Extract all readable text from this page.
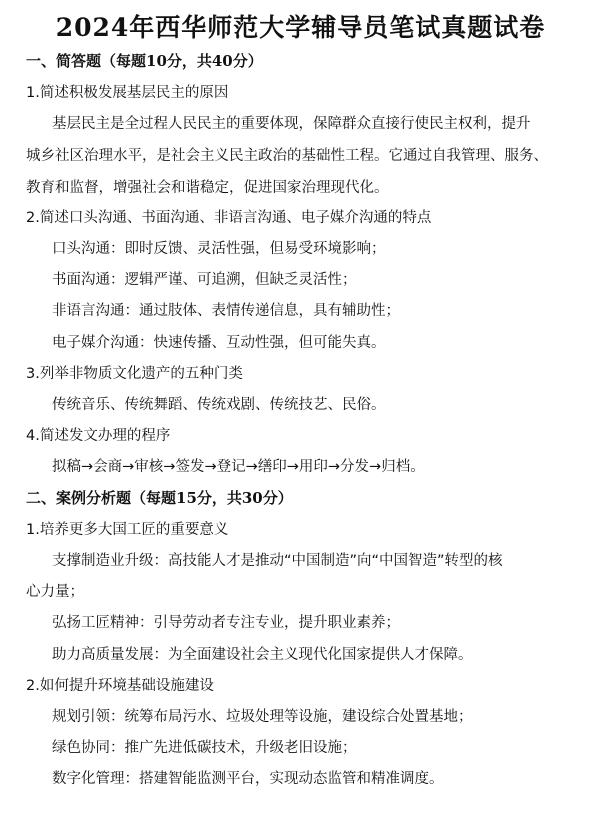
2024年西华师范大学辅导员笔试真题试卷
一、简答题（每题10分，共40分）
1.简述积极发展基层民主的原因
基层民主是全过程人民民主的重要体现，保障群众直接行使民主权利，提升
城乡社区治理水平，是社会主义民主政治的基础性工程。它通过自我管理、服务、
教育和监督，增强社会和谐稳定，促进国家治理现代化。
2.简述口头沟通、书面沟通、非语言沟通、电子媒介沟通的特点
口头沟通：即时反馈、灵活性强，但易受环境影响；
书面沟通：逻辑严谨、可追溯，但缺乏灵活性；
非语言沟通：通过肢体、表情传递信息，具有辅助性；
电子媒介沟通：快速传播、互动性强，但可能失真。
3.列举非物质文化遗产的五种门类
传统音乐、传统舞蹈、传统戏剧、传统技艺、民俗。
4.简述发文办理的程序
拟稿→会商→审核→签发→登记→缮印→用印→分发→归档。
二、案例分析题（每题15分，共30分）
1.培养更多大国工匠的重要意义
支撑制造业升级：高技能人才是推动“中国制造”向“中国智造”转型的核
心力量；
弘扬工匠精神：引导劳动者专注专业，提升职业素养；
助力高质量发展：为全面建设社会主义现代化国家提供人才保障。
2.如何提升环境基础设施建设
规划引领：统筹布局污水、垃圾处理等设施，建设综合处置基地；
绿色协同：推广先进低碳技术，升级老旧设施；
数字化管理：搭建智能监测平台，实现动态监管和精准调度。
